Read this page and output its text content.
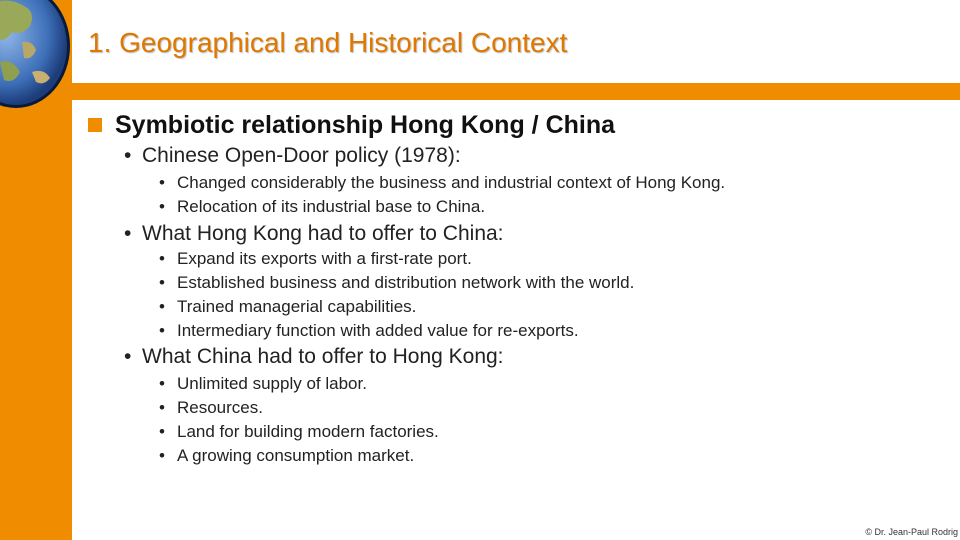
1. Geographical and Historical Context
Symbiotic relationship Hong Kong / China
• Chinese Open-Door policy (1978):
• Changed considerably the business and industrial context of Hong Kong.
• Relocation of its industrial base to China.
• What Hong Kong had to offer to China:
• Expand its exports with a first-rate port.
• Established business and distribution network with the world.
• Trained managerial capabilities.
• Intermediary function with added value for re-exports.
• What China had to offer to Hong Kong:
• Unlimited supply of labor.
• Resources.
• Land for building modern factories.
• A growing consumption market.
© Dr. Jean-Paul Rodrig
